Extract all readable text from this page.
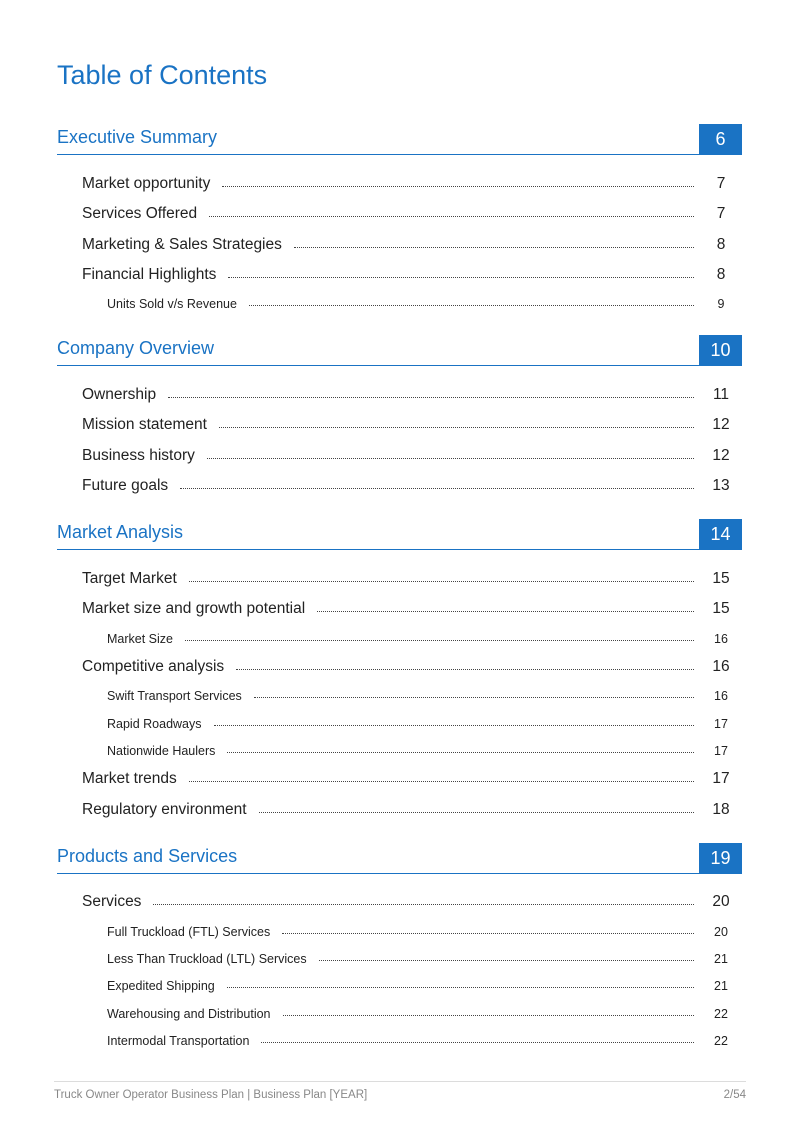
Table of Contents
Executive Summary	6
Market opportunity	7
Services Offered	7
Marketing & Sales Strategies	8
Financial Highlights	8
Units Sold v/s Revenue	9
Company Overview	10
Ownership	11
Mission statement	12
Business history	12
Future goals	13
Market Analysis	14
Target Market	15
Market size and growth potential	15
Market Size	16
Competitive analysis	16
Swift Transport Services	16
Rapid Roadways	17
Nationwide Haulers	17
Market trends	17
Regulatory environment	18
Products and Services	19
Services	20
Full Truckload (FTL) Services	20
Less Than Truckload (LTL) Services	21
Expedited Shipping	21
Warehousing and Distribution	22
Intermodal Transportation	22
Truck Owner Operator Business Plan | Business Plan [YEAR]	2/54
